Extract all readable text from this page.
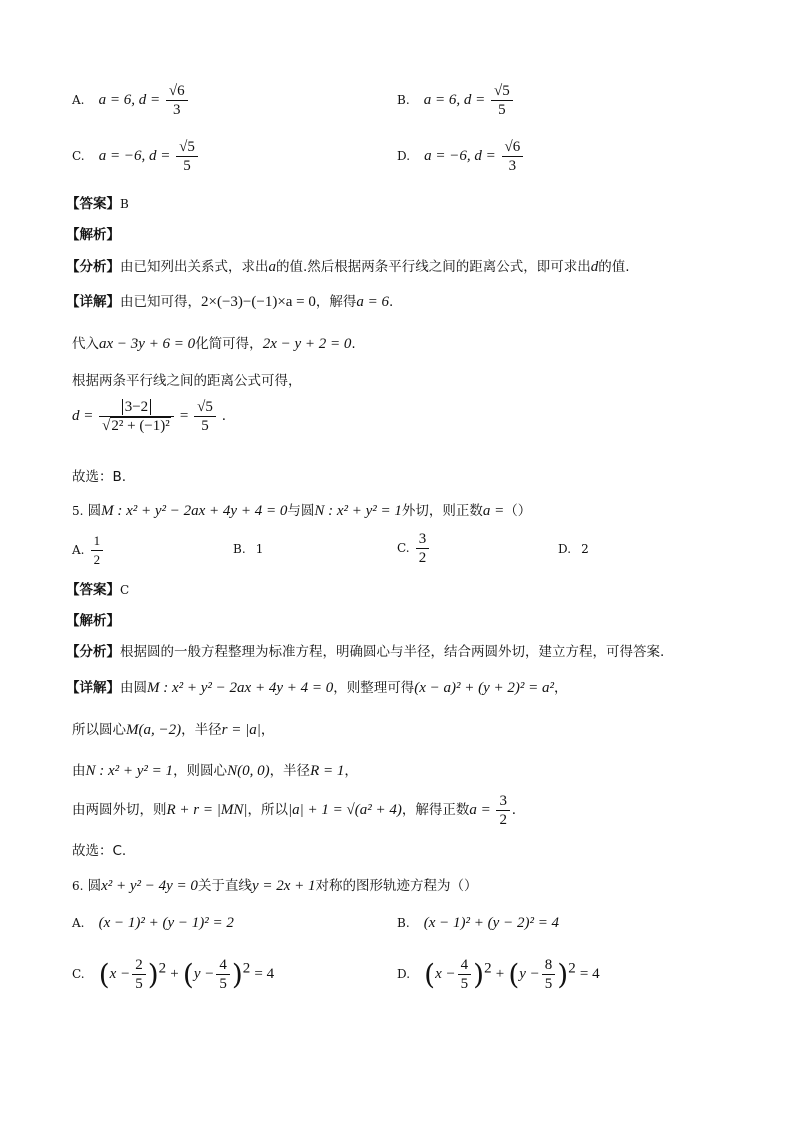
A. a = 6, $d = \frac{√6}{3}$	B. a = 6, $d = \frac{√5}{5}$
C. a = −6, $d = \frac{√5}{5}$	D. a = −6, $d = \frac{√6}{3}$
【答案】B
【解析】
【分析】由已知列出关系式，求出a的值.然后根据两条平行线之间的距离公式，即可求出d的值.
【详解】由已知可得，2×(−3)−(−1)×a = 0，解得a = 6.
代入ax − 3y + 6 = 0化简可得，2x − y + 2 = 0.
根据两条平行线之间的距离公式可得，
$d = \frac{3-2}{\text{√2² + (−1)²}} = \frac{√5}{5}$ .
故选：B.
5. 圆M : x² + y² − 2ax + 4y + 4 = 0与圆N : x² + y² = 1外切，则正数a =（）
A. $\frac{1}{2}$	B. 1	C. $\frac{3}{2}$	D. 2
【答案】C
【解析】
【分析】根据圆的一般方程整理为标准方程，明确圆心与半径，结合两圆外切，建立方程，可得答案.
【详解】由圆M : x² + y² − 2ax + 4y + 4 = 0，则整理可得(x − a)² + (y + 2)² = a²，
所以圆心M(a, −2)，半径r = |a|，
由N : x² + y² = 1，则圆心N(0, 0)，半径R = 1，
由两圆外切，则R + r = |MN|，所以|a| + 1 = √(a² + 4)，解得正数$a = \frac{3}{2}$ .
故选：C.
6. 圆x² + y² − 4y = 0关于直线y = 2x + 1对称的图形轨迹方程为（）
A. (x − 1)² + (y − 1)² = 2	B. (x − 1)² + (y − 2)² = 4
C. $(x - \frac{2}{5} )^2 + (y - \frac{4}{5} )^2 = 4$	D. $(x - \frac{4}{5} )^2 + (y - \frac{8}{5} )^2 = 4$
